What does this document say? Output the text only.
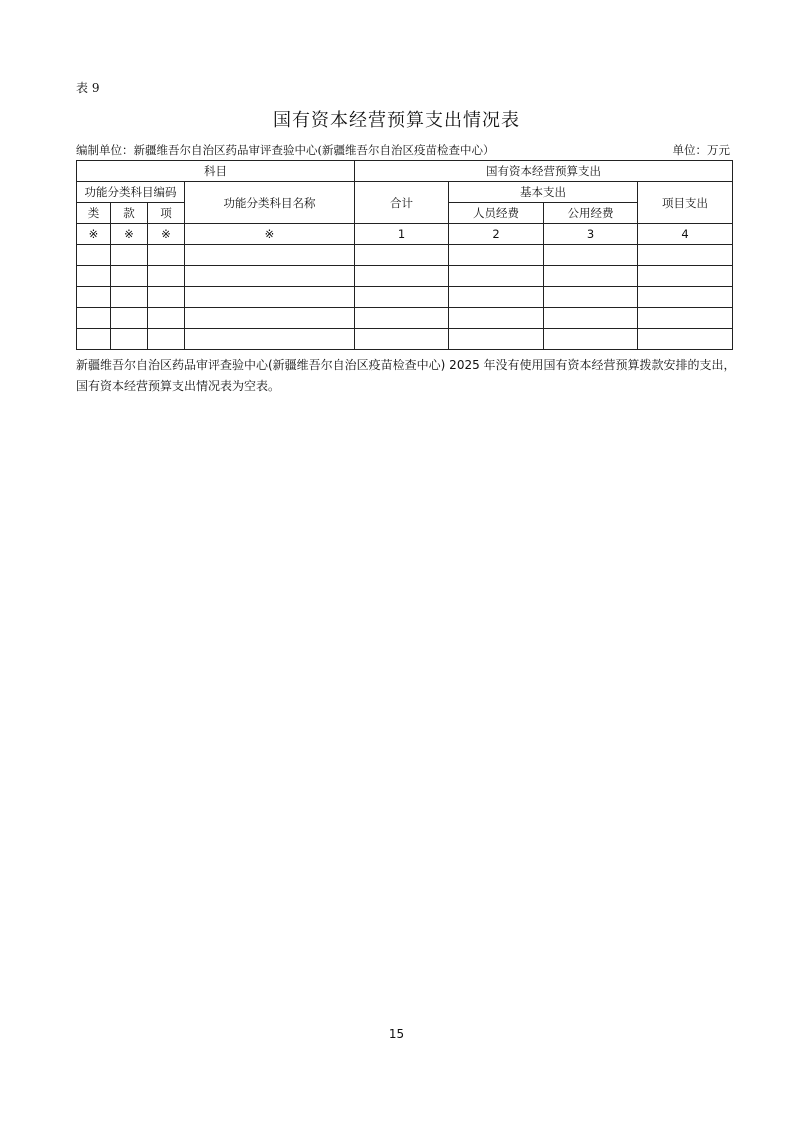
表 9
国有资本经营预算支出情况表
编制单位：新疆维吾尔自治区药品审评查验中心(新疆维吾尔自治区疫苗检查中心）	单位：万元
科目				国有资本经营预算支出			
功能分类科目编码			功能分类科目名称	合计	基本支出		项目支出
类	款	项			人员经费	公用经费	
※	※	※	※	1	2	3	4

新疆维吾尔自治区药品审评查验中心(新疆维吾尔自治区疫苗检查中心) 2025 年没有使用国有资本经营预算拨款安排的支出，国有资本经营预算支出情况表为空表。
15
